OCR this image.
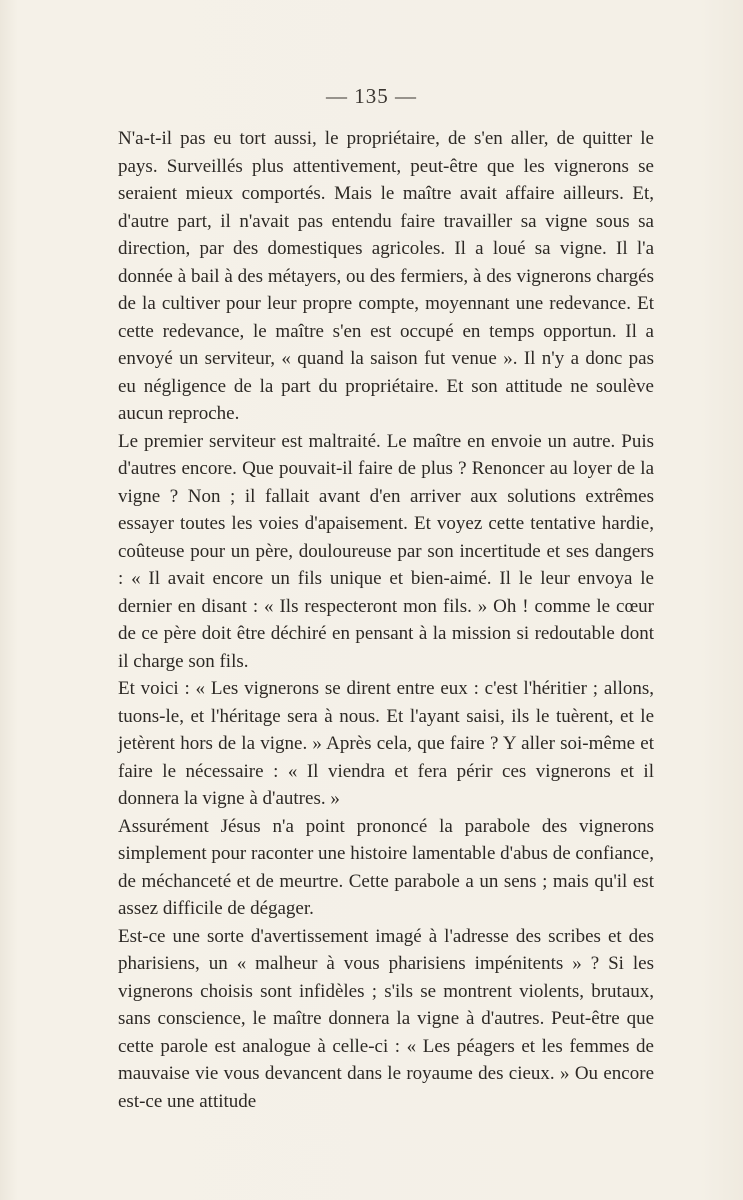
— 135 —

N'a-t-il pas eu tort aussi, le propriétaire, de s'en aller, de quitter le pays. Surveillés plus attentivement, peut-être que les vignerons se seraient mieux comportés. Mais le maître avait affaire ailleurs. Et, d'autre part, il n'avait pas entendu faire travailler sa vigne sous sa direction, par des domestiques agricoles. Il a loué sa vigne. Il l'a donnée à bail à des métayers, ou des fermiers, à des vignerons chargés de la cultiver pour leur propre compte, moyennant une redevance. Et cette redevance, le maître s'en est occupé en temps opportun. Il a envoyé un serviteur, « quand la saison fut venue ». Il n'y a donc pas eu négligence de la part du propriétaire. Et son attitude ne soulève aucun reproche.

Le premier serviteur est maltraité. Le maître en envoie un autre. Puis d'autres encore. Que pouvait-il faire de plus ? Renoncer au loyer de la vigne ? Non ; il fallait avant d'en arriver aux solutions extrêmes essayer toutes les voies d'apaisement. Et voyez cette tentative hardie, coûteuse pour un père, douloureuse par son incertitude et ses dangers : « Il avait encore un fils unique et bien-aimé. Il le leur envoya le dernier en disant : « Ils respecteront mon fils. » Oh ! comme le cœur de ce père doit être déchiré en pensant à la mission si redoutable dont il charge son fils.

Et voici : « Les vignerons se dirent entre eux : c'est l'héritier ; allons, tuons-le, et l'héritage sera à nous. Et l'ayant saisi, ils le tuèrent, et le jetèrent hors de la vigne. » Après cela, que faire ? Y aller soi-même et faire le nécessaire : « Il viendra et fera périr ces vignerons et il donnera la vigne à d'autres. »

Assurément Jésus n'a point prononcé la parabole des vignerons simplement pour raconter une histoire lamentable d'abus de confiance, de méchanceté et de meurtre. Cette parabole a un sens ; mais qu'il est assez difficile de dégager.

Est-ce une sorte d'avertissement imagé à l'adresse des scribes et des pharisiens, un « malheur à vous pharisiens impénitents » ? Si les vignerons choisis sont infidèles ; s'ils se montrent violents, brutaux, sans conscience, le maître donnera la vigne à d'autres. Peut-être que cette parole est analogue à celle-ci : « Les péagers et les femmes de mauvaise vie vous devancent dans le royaume des cieux. » Ou encore est-ce une attitude
